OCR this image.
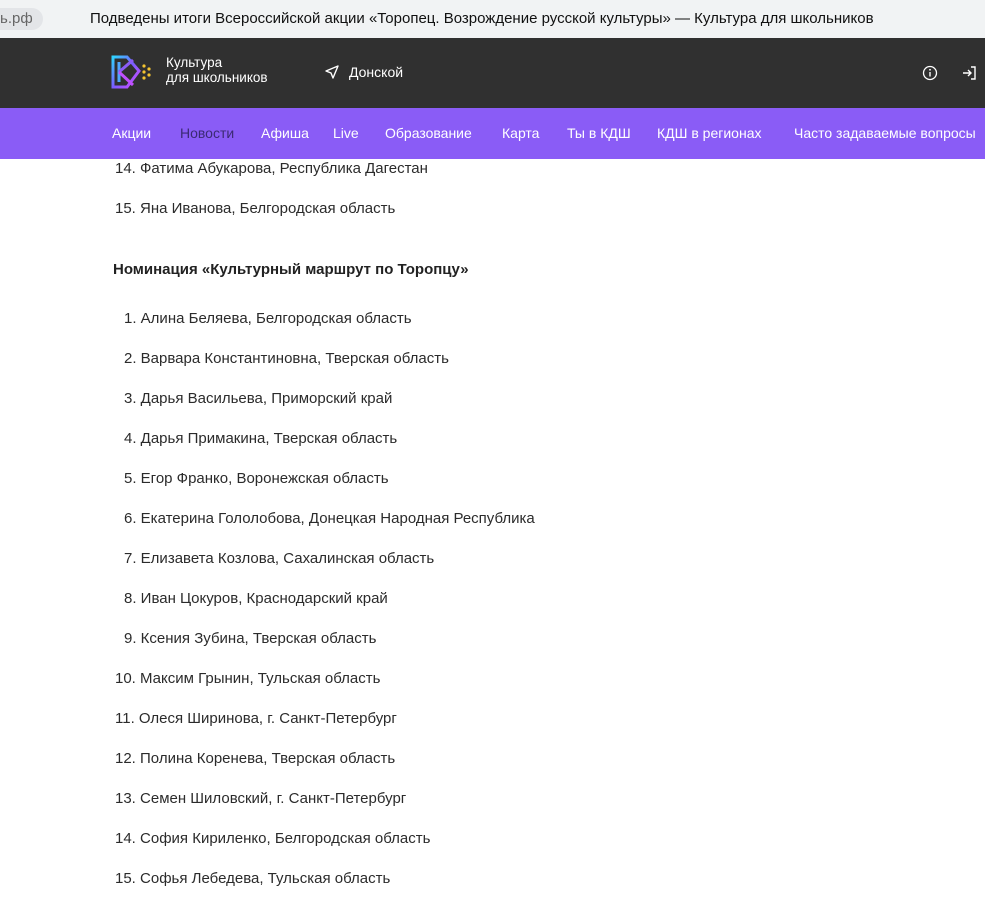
ь.рф	Подведены итоги Всероссийской акции «Торопец. Возрождение русской культуры» — Культура для школьников
Культура
для школьников	Донской
Акции Новости Афиша Live Образование Карта Ты в КДШ КДШ в регионах Часто задаваемые вопросы
14. Фатима Абукарова, Республика Дагестан
15. Яна Иванова, Белгородская область
Номинация «Культурный маршрут по Торопцу»
1. Алина Беляева, Белгородская область
2. Варвара Константиновна, Тверская область
3. Дарья Васильева, Приморский край
4. Дарья Примакина, Тверская область
5. Егор Франко, Воронежская область
6. Екатерина Гололобова, Донецкая Народная Республика
7. Елизавета Козлова, Сахалинская область
8. Иван Цокуров, Краснодарский край
9. Ксения Зубина, Тверская область
10. Максим Грынин, Тульская область
11. Олеся Ширинова, г. Санкт-Петербург
12. Полина Коренева, Тверская область
13. Семен Шиловский, г. Санкт-Петербург
14. София Кириленко, Белгородская область
15. Софья Лебедева, Тульская область
